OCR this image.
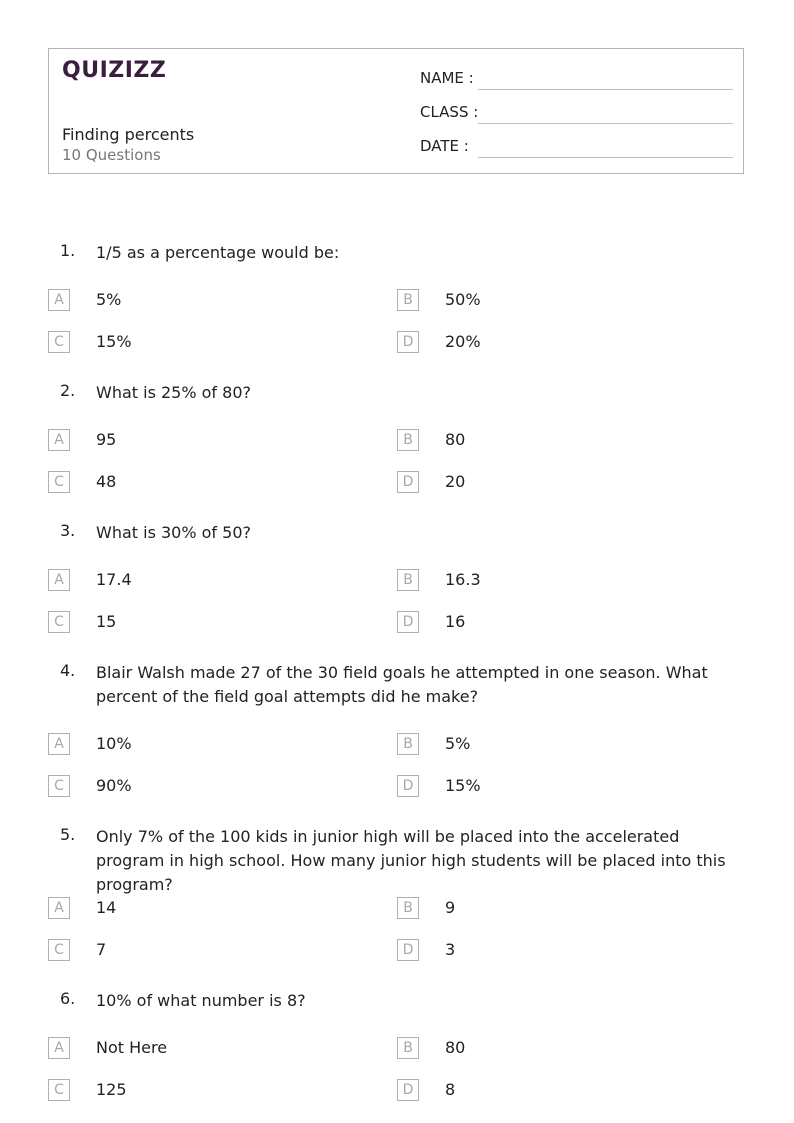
QUIZIZZ
Finding percents
10 Questions
NAME :
CLASS :
DATE :
1. 1/5 as a percentage would be:
A	5%	B	50%
C	15%	D	20%
2. What is 25% of 80?
A	95	B	80
C	48	D	20
3. What is 30% of 50?
A	17.4	B	16.3
C	15	D	16
4. Blair Walsh made 27 of the 30 field goals he attempted in one season. What percent of the field goal attempts did he make?
A	10%	B	5%
C	90%	D	15%
5. Only 7% of the 100 kids in junior high will be placed into the accelerated program in high school. How many junior high students will be placed into this program?
A	14	B	9
C	7	D	3
6. 10% of what number is 8?
A	Not Here	B	80
C	125	D	8
